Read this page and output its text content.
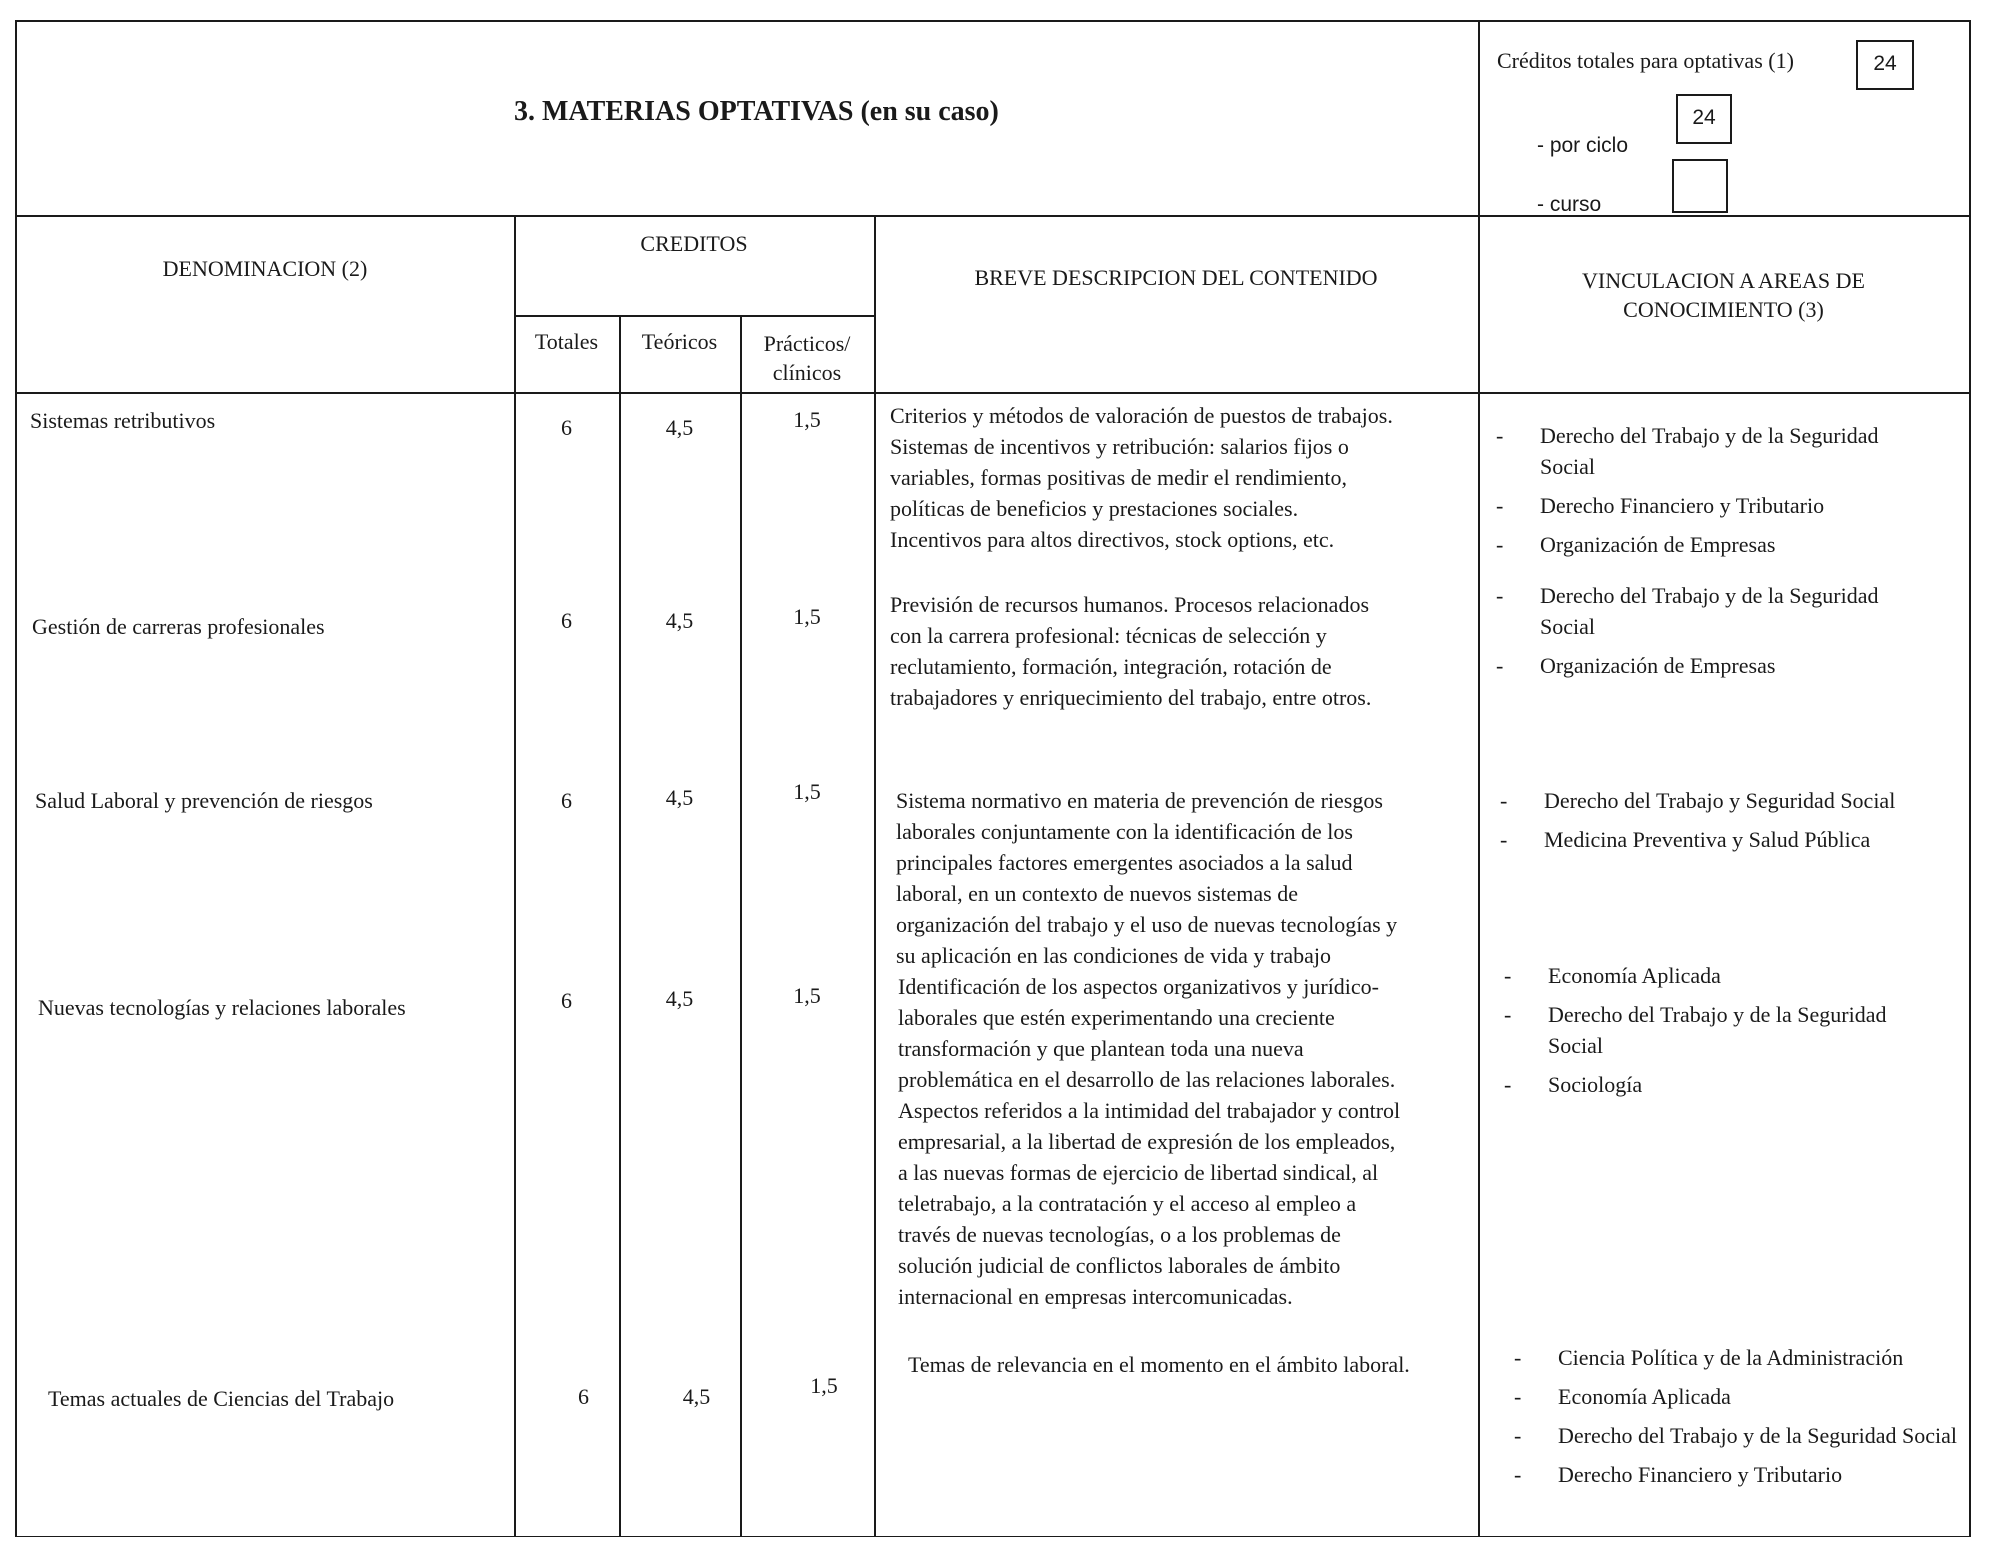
3. MATERIAS OPTATIVAS (en su caso)
Créditos totales para optativas (1)	24
24
- por ciclo
- curso
DENOMINACION (2)
CREDITOS
Totales	Teóricos	Prácticos/
clínicos
BREVE DESCRIPCION DEL CONTENIDO	VINCULACION A AREAS DE
CONOCIMIENTO (3)
Sistemas retributivos	6	4,5	1,5	Criterios y métodos de valoración de puestos de trabajos.
Sistemas de incentivos y retribución: salarios fijos o
variables, formas positivas de medir el rendimiento,
políticas de beneficios y prestaciones sociales.
Incentivos para altos directivos, stock options, etc.
- Derecho del Trabajo y de la Seguridad Social
- Derecho Financiero y Tributario
- Organización de Empresas
Gestión de carreras profesionales	6	4,5	1,5	Previsión de recursos humanos. Procesos relacionados
con la carrera profesional: técnicas de selección y
reclutamiento, formación, integración, rotación de
trabajadores y enriquecimiento del trabajo, entre otros.
- Derecho del Trabajo y de la Seguridad Social
- Organización de Empresas
Salud Laboral y prevención de riesgos	6	4,5	1,5	Sistema normativo en materia de prevención de riesgos
laborales conjuntamente con la identificación de los
principales factores emergentes asociados a la salud
laboral, en un contexto de nuevos sistemas de
organización del trabajo y el uso de nuevas tecnologías y
su aplicación en las condiciones de vida y trabajo
- Derecho del Trabajo y Seguridad Social
- Medicina Preventiva y Salud Pública
Nuevas tecnologías y relaciones laborales	6	4,5	1,5	Identificación de los aspectos organizativos y jurídico-
laborales que estén experimentando una creciente
transformación y que plantean toda una nueva
problemática en el desarrollo de las relaciones laborales.
Aspectos referidos a la intimidad del trabajador y control
empresarial, a la libertad de expresión de los empleados,
a las nuevas formas de ejercicio de libertad sindical, al
teletrabajo, a la contratación y el acceso al empleo a
través de nuevas tecnologías, o a los problemas de
solución judicial de conflictos laborales de ámbito
internacional en empresas intercomunicadas.
- Economía Aplicada
- Derecho del Trabajo y de la Seguridad Social
- Sociología
Temas actuales de Ciencias del Trabajo	6	4,5	1,5
Temas de relevancia en el momento en el ámbito laboral.
-	Ciencia Política y de la Administración
- Economía Aplicada
- Derecho del Trabajo y de la Seguridad Social
- Derecho Financiero y Tributario
